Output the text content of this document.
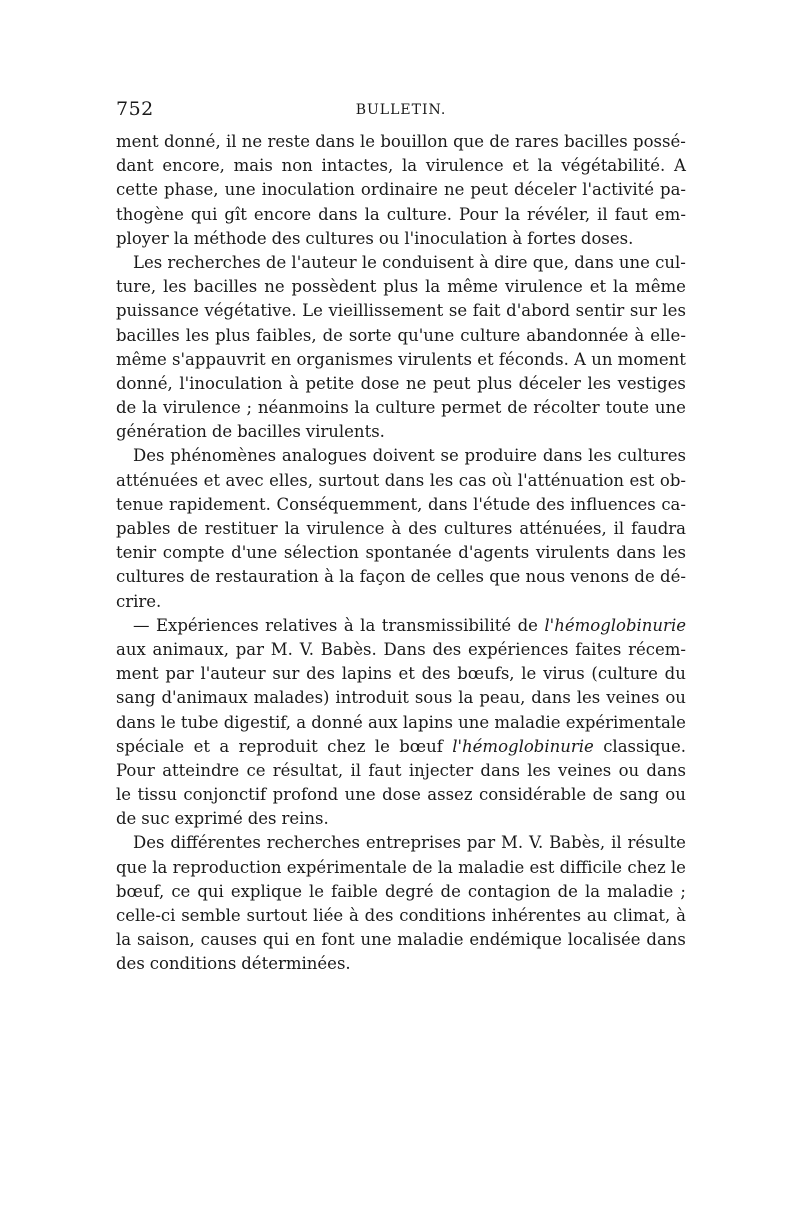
752	BULLETIN.
ment donné, il ne reste dans le bouillon que de rares bacilles possé-
dant encore, mais non intactes, la virulence et la végétabilité. A
cette phase, une inoculation ordinaire ne peut déceler l'activité pa-
thogène qui gît encore dans la culture. Pour la révéler, il faut em-
ployer la méthode des cultures ou l'inoculation à fortes doses.
Les recherches de l'auteur le conduisent à dire que, dans une cul-
ture, les bacilles ne possèdent plus la même virulence et la même
puissance végétative. Le vieillissement se fait d'abord sentir sur les
bacilles les plus faibles, de sorte qu'une culture abandonnée à elle-
même s'appauvrit en organismes virulents et féconds. A un moment
donné, l'inoculation à petite dose ne peut plus déceler les vestiges
de la virulence ; néanmoins la culture permet de récolter toute une
génération de bacilles virulents.
Des phénomènes analogues doivent se produire dans les cultures
atténuées et avec elles, surtout dans les cas où l'atténuation est ob-
tenue rapidement. Conséquemment, dans l'étude des influences ca-
pables de restituer la virulence à des cultures atténuées, il faudra
tenir compte d'une sélection spontanée d'agents virulents dans les
cultures de restauration à la façon de celles que nous venons de dé-
crire.
— Expériences relatives à la transmissibilité de l'hémoglobinurie
aux animaux, par M. V. Babès. Dans des expériences faites récem-
ment par l'auteur sur des lapins et des bœufs, le virus (culture du
sang d'animaux malades) introduit sous la peau, dans les veines ou
dans le tube digestif, a donné aux lapins une maladie expérimentale
spéciale et a reproduit chez le bœuf l'hémoglobinurie classique.
Pour atteindre ce résultat, il faut injecter dans les veines ou dans
le tissu conjonctif profond une dose assez considérable de sang ou
de suc exprimé des reins.
Des différentes recherches entreprises par M. V. Babès, il résulte
que la reproduction expérimentale de la maladie est difficile chez le
bœuf, ce qui explique le faible degré de contagion de la maladie ;
celle-ci semble surtout liée à des conditions inhérentes au climat, à
la saison, causes qui en font une maladie endémique localisée dans
des conditions déterminées.
